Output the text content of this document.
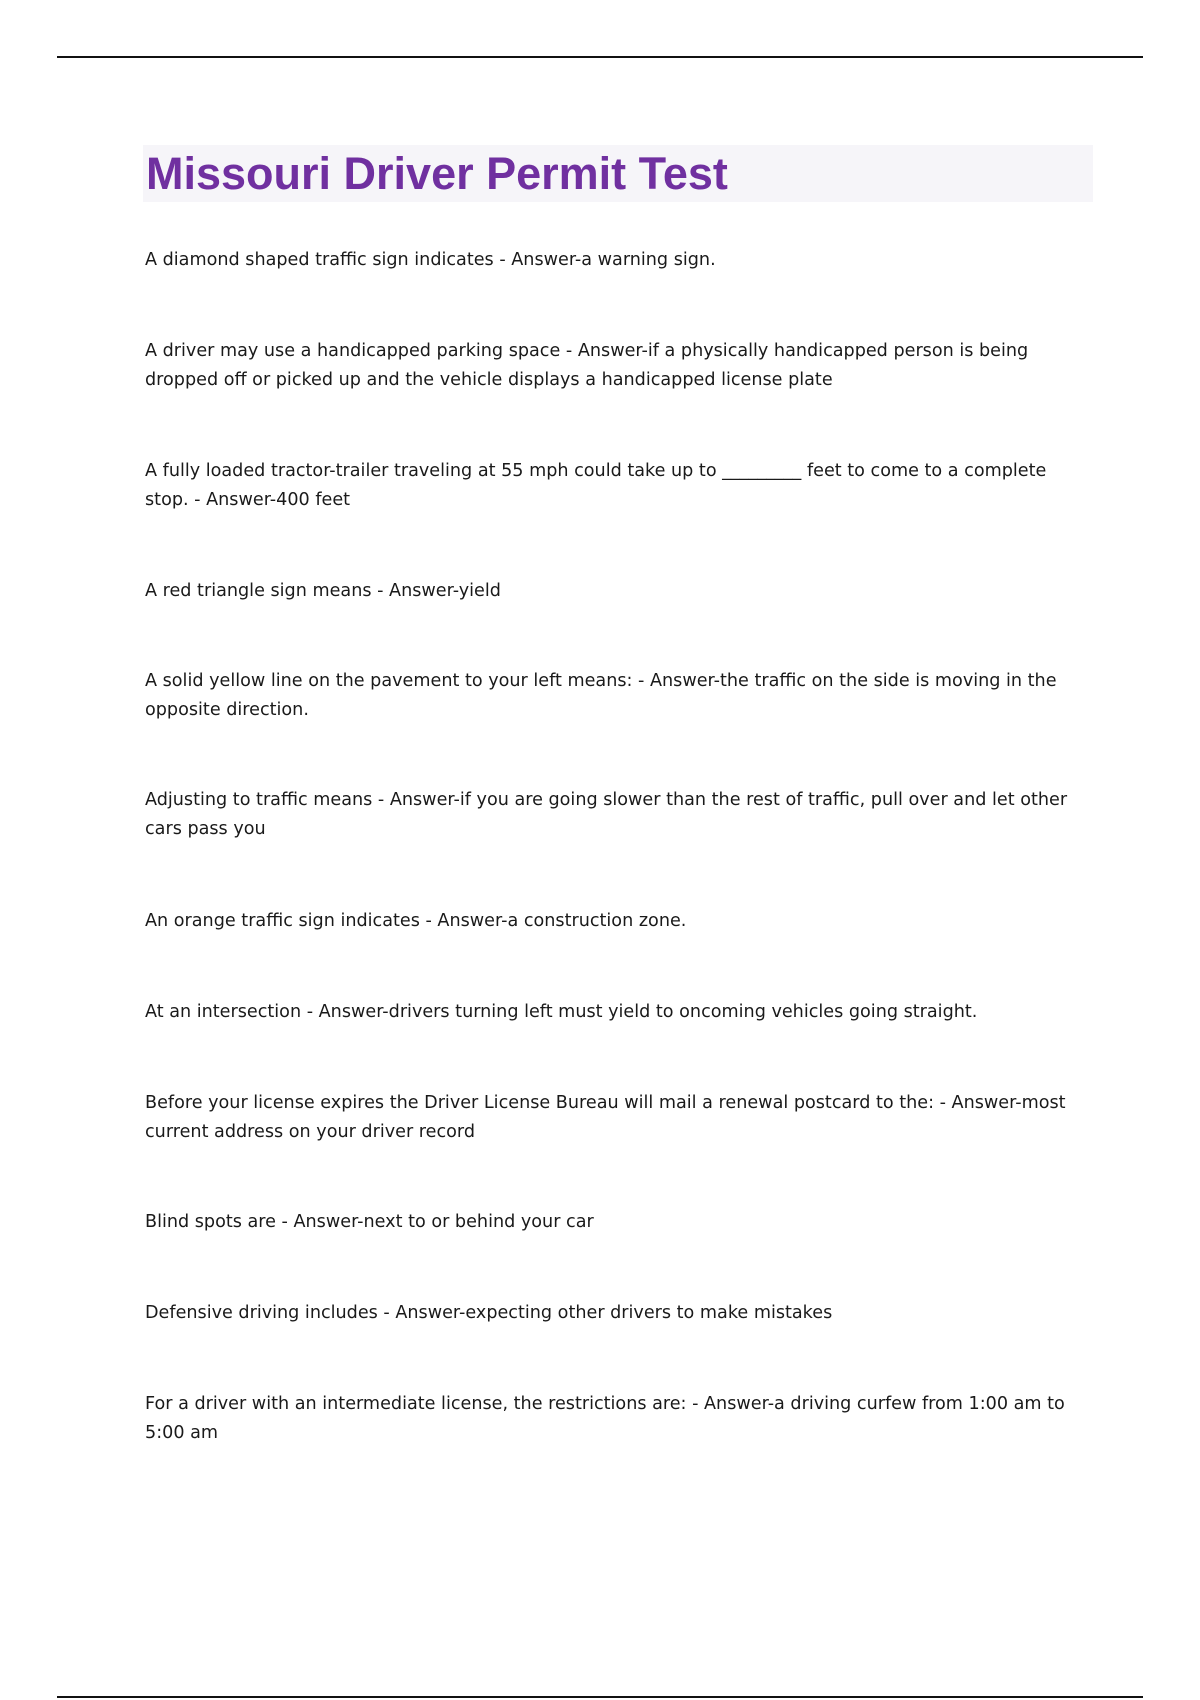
Missouri Driver Permit Test
A diamond shaped traffic sign indicates - Answer-a warning sign.
A driver may use a handicapped parking space - Answer-if a physically handicapped person is being dropped off or picked up and the vehicle displays a handicapped license plate
A fully loaded tractor-trailer traveling at 55 mph could take up to _________ feet to come to a complete stop. - Answer-400 feet
A red triangle sign means - Answer-yield
A solid yellow line on the pavement to your left means: - Answer-the traffic on the side is moving in the opposite direction.
Adjusting to traffic means - Answer-if you are going slower than the rest of traffic, pull over and let other cars pass you
An orange traffic sign indicates - Answer-a construction zone.
At an intersection - Answer-drivers turning left must yield to oncoming vehicles going straight.
Before your license expires the Driver License Bureau will mail a renewal postcard to the: - Answer-most current address on your driver record
Blind spots are - Answer-next to or behind your car
Defensive driving includes - Answer-expecting other drivers to make mistakes
For a driver with an intermediate license, the restrictions are: - Answer-a driving curfew from 1:00 am to 5:00 am
